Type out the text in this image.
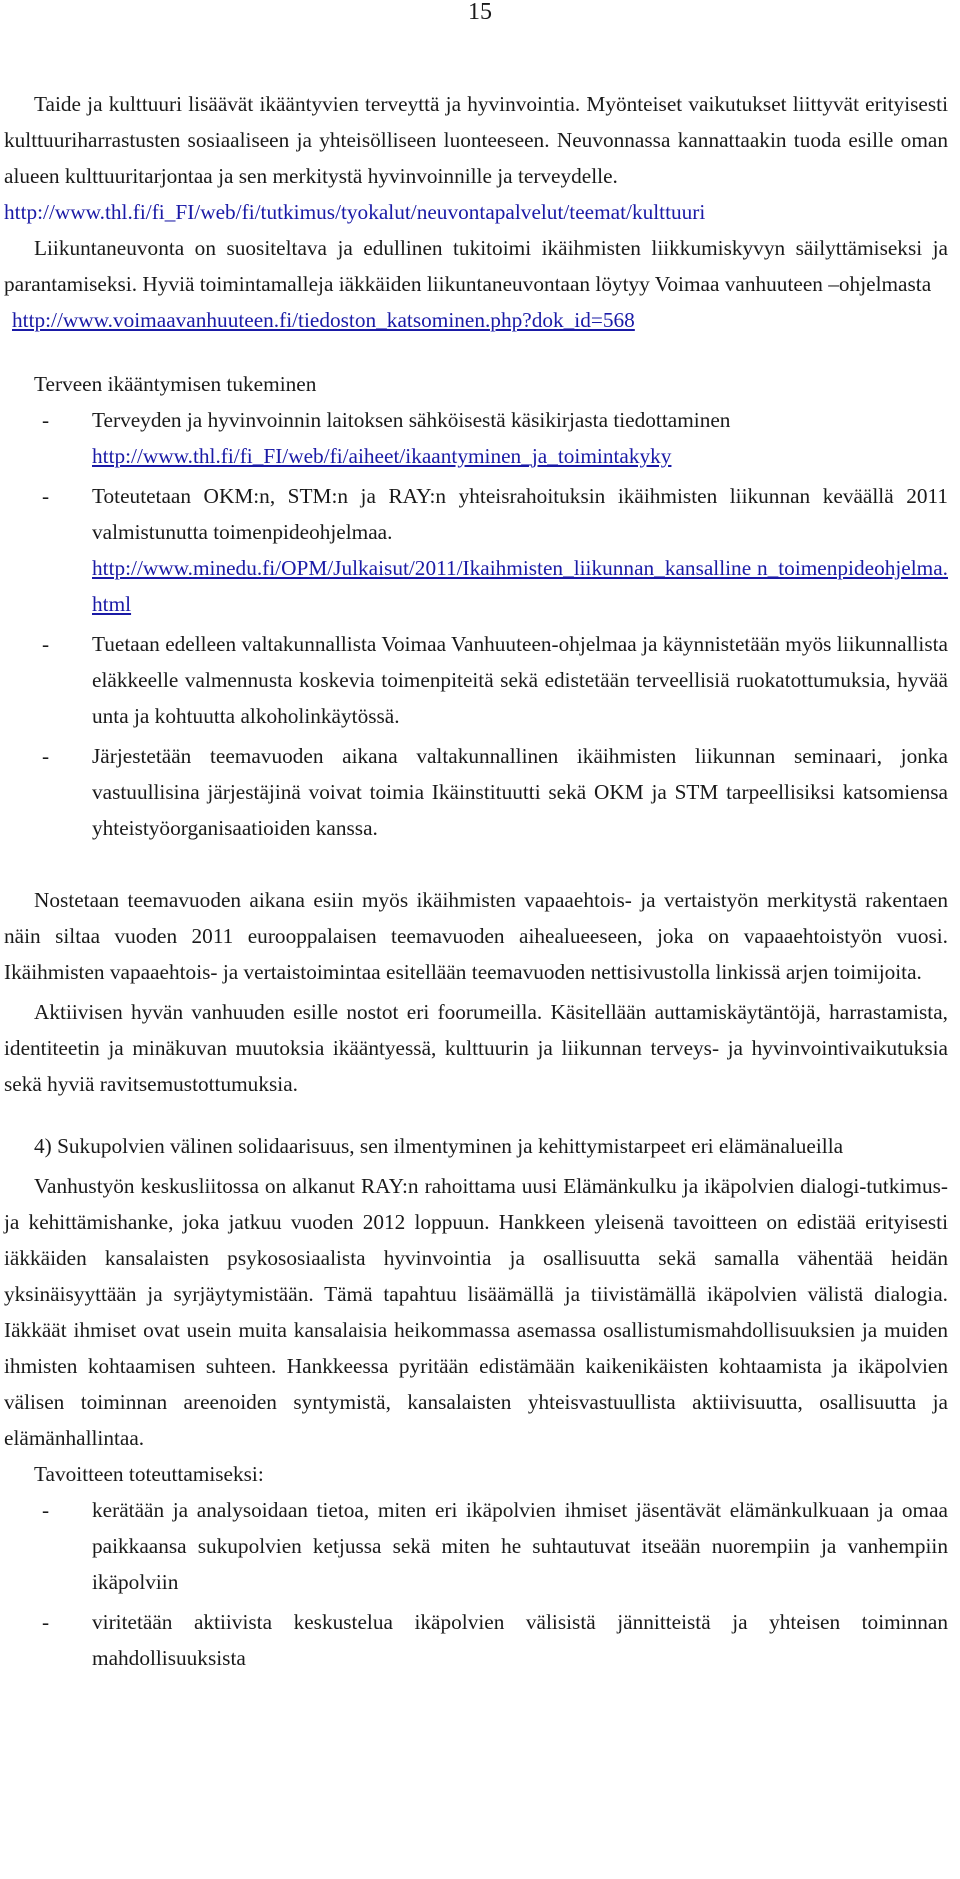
15

Taide ja kulttuuri lisäävät ikääntyvien terveyttä ja hyvinvointia. Myönteiset vaikutukset liittyvät erityisesti kulttuuriharrastusten sosiaaliseen ja yhteisölliseen luonteeseen. Neuvonnassa kannattaakin tuoda esille oman alueen kulttuuritarjontaa ja sen merkitystä hyvinvoinnille ja terveydelle.

http://www.thl.fi/fi_FI/web/fi/tutkimus/tyokalut/neuvontapalvelut/teemat/kulttuuri

Liikuntaneuvonta on suositeltava ja edullinen tukitoimi ikäihmisten liikkumiskyvyn säilyttämiseksi ja parantamiseksi. Hyviä toimintamalleja iäkkäiden liikuntaneuvontaan löytyy Voimaa vanhuuteen –ohjelmasta

http://www.voimaavanhuuteen.fi/tiedoston_katsominen.php?dok_id=568

Terveen ikääntymisen tukeminen
- Terveyden ja hyvinvoinnin laitoksen sähköisestä käsikirjasta tiedottaminen
http://www.thl.fi/fi_FI/web/fi/aiheet/ikaantyminen_ja_toimintakyky
- Toteutetaan OKM:n, STM:n ja RAY:n yhteisrahoituksin ikäihmisten liikunnan keväällä 2011 valmistunutta toimenpideohjelmaa.
http://www.minedu.fi/OPM/Julkaisut/2011/Ikaihmisten_liikunnan_kansalline n_toimenpideohjelma.html
- Tuetaan edelleen valtakunnallista Voimaa Vanhuuteen-ohjelmaa ja käynnistetään myös liikunnallista eläkkeelle valmennusta koskevia toimenpiteitä sekä edistetään terveellisiä ruokatottumuksia, hyvää unta ja kohtuutta alkoholinkäytössä.
- Järjestetään teemavuoden aikana valtakunnallinen ikäihmisten liikunnan seminaari, jonka vastuullisina järjestäjinä voivat toimia Ikäinstituutti sekä OKM ja STM tarpeellisiksi katsomiensa yhteistyöorganisaatioiden kanssa.

Nostetaan teemavuoden aikana esiin myös ikäihmisten vapaaehtois- ja vertaistyön merkitystä rakentaen näin siltaa vuoden 2011 eurooppalaisen teemavuoden aihealueeseen, joka on vapaaehtoistyön vuosi. Ikäihmisten vapaaehtois- ja vertaistoimintaa esitellään teemavuoden nettisivustolla linkissä arjen toimijoita.

Aktiivisen hyvän vanhuuden esille nostot eri foorumeilla. Käsitellään auttamiskäytäntöjä, harrastamista, identiteetin ja minäkuvan muutoksia ikääntyessä, kulttuurin ja liikunnan terveys- ja hyvinvointivaikutuksia sekä hyviä ravitsemustottumuksia.

4) Sukupolvien välinen solidaarisuus, sen ilmentyminen ja kehittymistarpeet eri elämänalueilla

Vanhustyön keskusliitossa on alkanut RAY:n rahoittama uusi Elämänkulku ja ikäpolvien dialogi-tutkimus- ja kehittämishanke, joka jatkuu vuoden 2012 loppuun. Hankkeen yleisenä tavoitteen on edistää erityisesti iäkkäiden kansalaisten psykososiaalista hyvinvointia ja osallisuutta sekä samalla vähentää heidän yksinäisyyttään ja syrjäytymistään. Tämä tapahtuu lisäämällä ja tiivistämällä ikäpolvien välistä dialogia. Iäkkäät ihmiset ovat usein muita kansalaisia heikommassa asemassa osallistumismahdollisuuksien ja muiden ihmisten kohtaamisen suhteen. Hankkeessa pyritään edistämään kaikenikäisten kohtaamista ja ikäpolvien välisen toiminnan areenoiden syntymistä, kansalaisten yhteisvastuullista aktiivisuutta, osallisuutta ja elämänhallintaa.

Tavoitteen toteuttamiseksi:
- kerätään ja analysoidaan tietoa, miten eri ikäpolvien ihmiset jäsentävät elämänkulkuaan ja omaa paikkaansa sukupolvien ketjussa sekä miten he suhtautuvat itseään nuorempiin ja vanhempiin ikäpolviin
- viritetään aktiivista keskustelua ikäpolvien välisistä jännitteistä ja yhteisen toiminnan mahdollisuuksista
